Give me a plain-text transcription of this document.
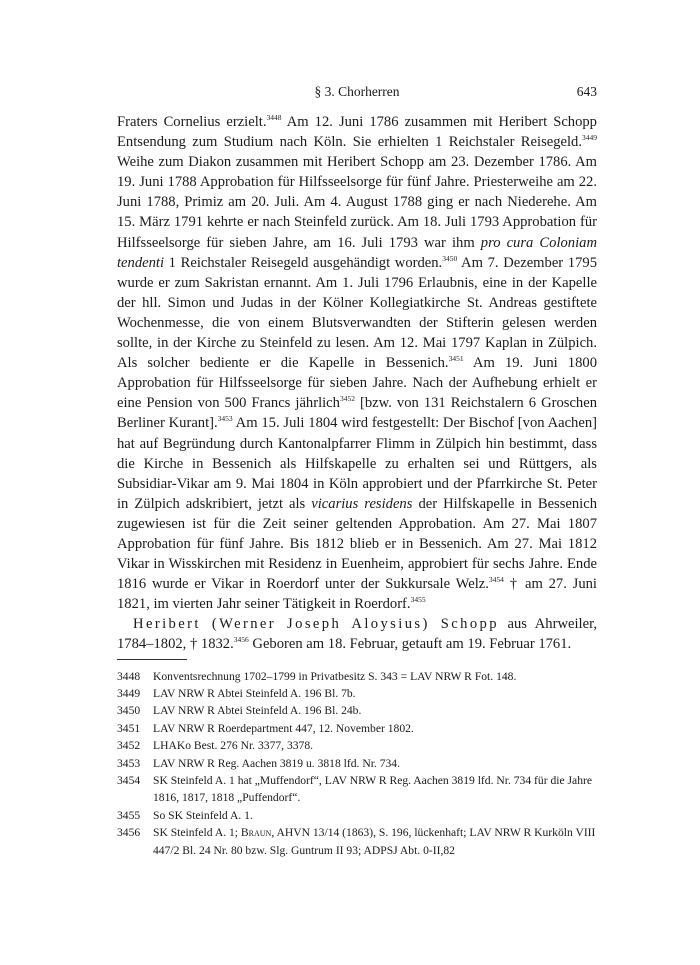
§ 3. Chorherren	643

Fraters Cornelius erzielt.$^{3448}$ Am 12. Juni 1786 zusammen mit Heribert Schopp Entsendung zum Studium nach Köln. Sie erhielten 1 Reichstaler Reisegeld.$^{3449}$ Weihe zum Diakon zusammen mit Heribert Schopp am 23. Dezember 1786. Am 19. Juni 1788 Approbation für Hilfsseelsorge für fünf Jahre. Priesterweihe am 22. Juni 1788, Primiz am 20. Juli. Am 4. August 1788 ging er nach Niederehe. Am 15. März 1791 kehrte er nach Steinfeld zurück. Am 18. Juli 1793 Approbation für Hilfsseelsorge für sieben Jahre, am 16. Juli 1793 war ihm pro cura Coloniam tendenti 1 Reichstaler Reisegeld ausgehändigt worden.$^{3450}$ Am 7. Dezember 1795 wurde er zum Sakristan ernannt. Am 1. Juli 1796 Erlaubnis, eine in der Kapelle der hll. Simon und Judas in der Kölner Kollegiatkirche St. Andreas gestiftete Wochenmesse, die von einem Blutsverwandten der Stifterin gelesen werden sollte, in der Kirche zu Steinfeld zu lesen. Am 12. Mai 1797 Kaplan in Zülpich. Als solcher bediente er die Kapelle in Bessenich.$^{3451}$ Am 19. Juni 1800 Approbation für Hilfsseelsorge für sieben Jahre. Nach der Aufhebung erhielt er eine Pension von 500 Francs jährlich$^{3452}$ [bzw. von 131 Reichstalern 6 Groschen Berliner Kurant].$^{3453}$ Am 15. Juli 1804 wird festgestellt: Der Bischof [von Aachen] hat auf Begründung durch Kantonalpfarrer Flimm in Zülpich hin bestimmt, dass die Kirche in Bessenich als Hilfskapelle zu erhalten sei und Rüttgers, als Subsidiar-Vikar am 9. Mai 1804 in Köln approbiert und der Pfarrkirche St. Peter in Zülpich adskribiert, jetzt als vicarius residens der Hilfskapelle in Bessenich zugewiesen ist für die Zeit seiner geltenden Approbation. Am 27. Mai 1807 Approbation für fünf Jahre. Bis 1812 blieb er in Bessenich. Am 27. Mai 1812 Vikar in Wisskirchen mit Residenz in Euenheim, approbiert für sechs Jahre. Ende 1816 wurde er Vikar in Roerdorf unter der Sukkursale Welz.$^{3454}$ † am 27. Juni 1821, im vierten Jahr seiner Tätigkeit in Roerdorf.$^{3455}$

Heribert (Werner Joseph Aloysius) Schopp aus Ahrweiler, 1784–1802, † 1832.$^{3456}$ Geboren am 18. Februar, getauft am 19. Februar 1761.

3448 Konventsrechnung 1702–1799 in Privatbesitz S. 343 = LAV NRW R Fot. 148.
3449 LAV NRW R Abtei Steinfeld A. 196 Bl. 7b.
3450 LAV NRW R Abtei Steinfeld A. 196 Bl. 24b.
3451 LAV NRW R Roerdepartment 447, 12. November 1802.
3452 LHAKo Best. 276 Nr. 3377, 3378.
3453 LAV NRW R Reg. Aachen 3819 u. 3818 lfd. Nr. 734.
3454 SK Steinfeld A. 1 hat „Muffendorf“, LAV NRW R Reg. Aachen 3819 lfd. Nr. 734 für die Jahre 1816, 1817, 1818 „Puffendorf“.
3455 So SK Steinfeld A. 1.
3456 SK Steinfeld A. 1; Braun, AHVN 13/14 (1863), S. 196, lückenhaft; LAV NRW R Kurköln VIII 447/2 Bl. 24 Nr. 80 bzw. Slg. Guntrum II 93; ADPSJ Abt. 0-II,82
